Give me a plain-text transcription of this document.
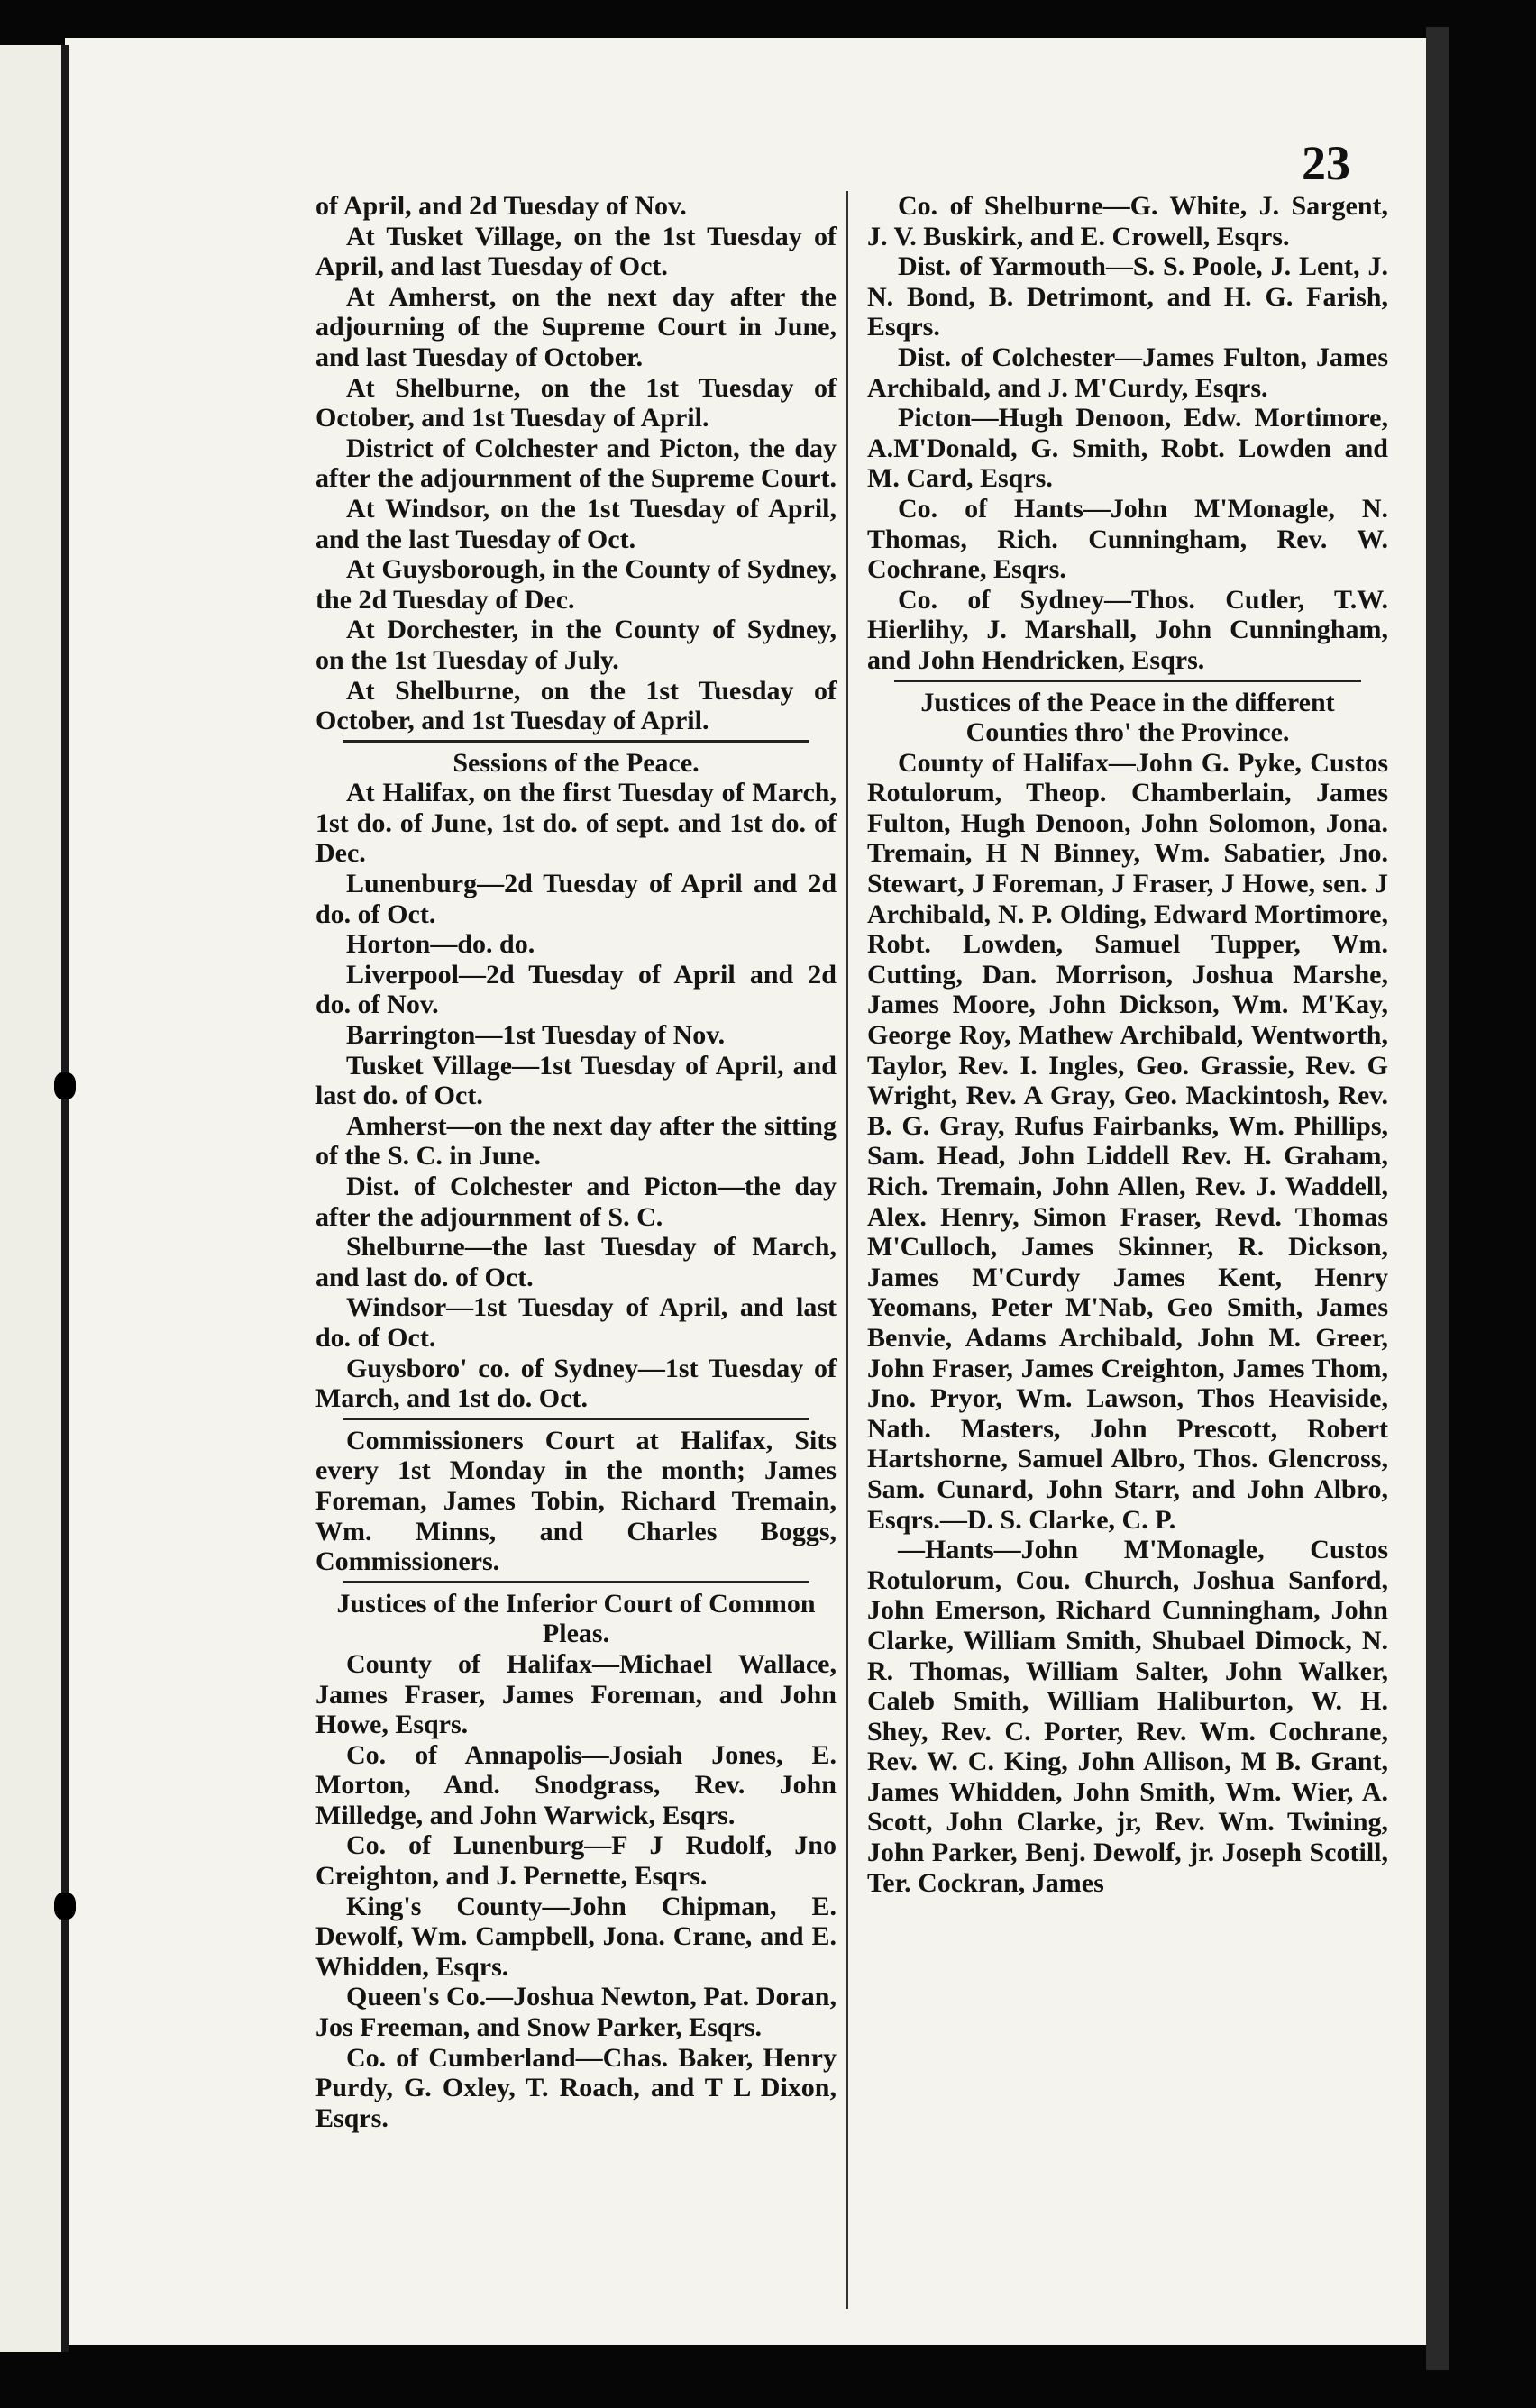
23

of April, and 2d Tuesday of Nov.

At Tusket Village, on the 1st Tuesday of April, and last Tuesday of Oct.

At Amherst, on the next day after the adjourning of the Supreme Court in June, and last Tuesday of October.

At Shelburne, on the 1st Tuesday of October, and 1st Tuesday of April.

District of Colchester and Picton, the day after the adjournment of the Supreme Court.

At Windsor, on the 1st Tuesday of April, and the last Tuesday of Oct.

At Guysborough, in the County of Sydney, the 2d Tuesday of Dec.

At Dorchester, in the County of Sydney, on the 1st Tuesday of July.

At Shelburne, on the 1st Tuesday of October, and 1st Tuesday of April.

Sessions of the Peace.

At Halifax, on the first Tuesday of March, 1st do. of June, 1st do. of sept. and 1st do. of Dec.

Lunenburg—2d Tuesday of April and 2d do. of Oct.

Horton—do. do.

Liverpool—2d Tuesday of April and 2d do. of Nov.

Barrington—1st Tuesday of Nov.

Tusket Village—1st Tuesday of April, and last do. of Oct.

Amherst—on the next day after the sitting of the S. C. in June.

Dist. of Colchester and Picton—the day after the adjournment of S. C.

Shelburne—the last Tuesday of March, and last do. of Oct.

Windsor—1st Tuesday of April, and last do. of Oct.

Guysboro' co. of Sydney—1st Tuesday of March, and 1st do. Oct.

Commissioners Court at Halifax, Sits every 1st Monday in the month; James Foreman, James Tobin, Richard Tremain, Wm. Minns, and Charles Boggs, Commissioners.

Justices of the Inferior Court of Common Pleas.

County of Halifax—Michael Wallace, James Fraser, James Foreman, and John Howe, Esqrs.

Co. of Annapolis—Josiah Jones, E. Morton, And. Snodgrass, Rev. John Milledge, and John Warwick, Esqrs.

Co. of Lunenburg—F J Rudolf, Jno Creighton, and J. Pernette, Esqrs.

King's County—John Chipman, E. Dewolf, Wm. Campbell, Jona. Crane, and E. Whidden, Esqrs.

Queen's Co.—Joshua Newton, Pat. Doran, Jos Freeman, and Snow Parker, Esqrs.

Co. of Cumberland—Chas. Baker, Henry Purdy, G. Oxley, T. Roach, and T L Dixon, Esqrs.

Co. of Shelburne—G. White, J. Sargent, J. V. Buskirk, and E. Crowell, Esqrs.

Dist. of Yarmouth—S. S. Poole, J. Lent, J. N. Bond, B. Detrimont, and H. G. Farish, Esqrs.

Dist. of Colchester—James Fulton, James Archibald, and J. M'Curdy, Esqrs.

Picton—Hugh Denoon, Edw. Mortimore, A.M'Donald, G. Smith, Robt. Lowden and M. Card, Esqrs.

Co. of Hants—John M'Monagle, N. Thomas, Rich. Cunningham, Rev. W. Cochrane, Esqrs.

Co. of Sydney—Thos. Cutler, T.W. Hierlihy, J. Marshall, John Cunningham, and John Hendricken, Esqrs.

Justices of the Peace in the different Counties thro' the Province.

County of Halifax—John G. Pyke, Custos Rotulorum, Theop. Chamberlain, James Fulton, Hugh Denoon, John Solomon, Jona. Tremain, H N Binney, Wm. Sabatier, Jno. Stewart, J Foreman, J Fraser, J Howe, sen. J Archibald, N. P. Olding, Edward Mortimore, Robt. Lowden, Samuel Tupper, Wm. Cutting, Dan. Morrison, Joshua Marshe, James Moore, John Dickson, Wm. M'Kay, George Roy, Mathew Archibald, Wentworth, Taylor, Rev. I. Ingles, Geo. Grassie, Rev. G Wright, Rev. A Gray, Geo. Mackintosh, Rev. B. G. Gray, Rufus Fairbanks, Wm. Phillips, Sam. Head, John Liddell Rev. H. Graham, Rich. Tremain, John Allen, Rev. J. Waddell, Alex. Henry, Simon Fraser, Revd. Thomas M'Culloch, James Skinner, R. Dickson, James M'Curdy James Kent, Henry Yeomans, Peter M'Nab, Geo Smith, James Benvie, Adams Archibald, John M. Greer, John Fraser, James Creighton, James Thom, Jno. Pryor, Wm. Lawson, Thos Heaviside, Nath. Masters, John Prescott, Robert Hartshorne, Samuel Albro, Thos. Glencross, Sam. Cunard, John Starr, and John Albro, Esqrs.—D. S. Clarke, C. P.

—Hants—John M'Monagle, Custos Rotulorum, Cou. Church, Joshua Sanford, John Emerson, Richard Cunningham, John Clarke, William Smith, Shubael Dimock, N. R. Thomas, William Salter, John Walker, Caleb Smith, William Haliburton, W. H. Shey, Rev. C. Porter, Rev. Wm. Cochrane, Rev. W. C. King, John Allison, M B. Grant, James Whidden, John Smith, Wm. Wier, A. Scott, John Clarke, jr, Rev. Wm. Twining, John Parker, Benj. Dewolf, jr. Joseph Scotill, Ter. Cockran, James
